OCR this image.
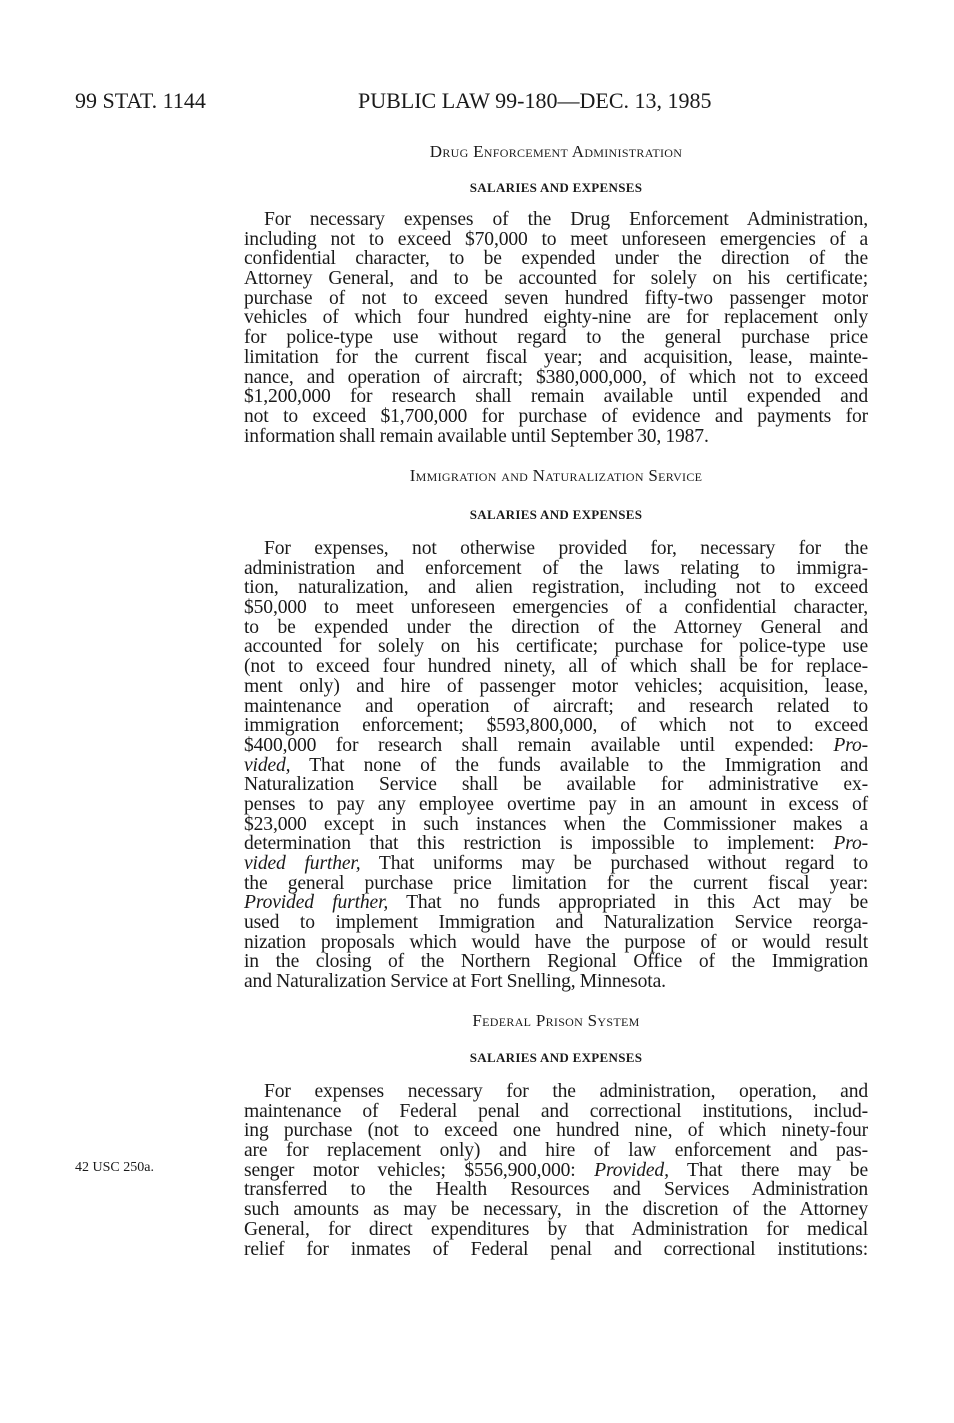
99 STAT. 1144	PUBLIC LAW 99-180—DEC. 13, 1985
Drug Enforcement Administration
SALARIES AND EXPENSES
For necessary expenses of the Drug Enforcement Administration,
including not to exceed $70,000 to meet unforeseen emergencies of a
confidential character, to be expended under the direction of the
Attorney General, and to be accounted for solely on his certificate;
purchase of not to exceed seven hundred fifty-two passenger motor
vehicles of which four hundred eighty-nine are for replacement only
for police-type use without regard to the general purchase price
limitation for the current fiscal year; and acquisition, lease, mainte-
nance, and operation of aircraft; $380,000,000, of which not to exceed
$1,200,000 for research shall remain available until expended and
not to exceed $1,700,000 for purchase of evidence and payments for
information shall remain available until September 30, 1987.
Immigration and Naturalization Service
SALARIES AND EXPENSES
For expenses, not otherwise provided for, necessary for the
administration and enforcement of the laws relating to immigra-
tion, naturalization, and alien registration, including not to exceed
$50,000 to meet unforeseen emergencies of a confidential character,
to be expended under the direction of the Attorney General and
accounted for solely on his certificate; purchase for police-type use
(not to exceed four hundred ninety, all of which shall be for replace-
ment only) and hire of passenger motor vehicles; acquisition, lease,
maintenance and operation of aircraft; and research related to
immigration enforcement; $593,800,000, of which not to exceed
$400,000 for research shall remain available until expended: Pro-
vided, That none of the funds available to the Immigration and
Naturalization Service shall be available for administrative ex-
penses to pay any employee overtime pay in an amount in excess of
$23,000 except in such instances when the Commissioner makes a
determination that this restriction is impossible to implement: Pro-
vided further, That uniforms may be purchased without regard to
the general purchase price limitation for the current fiscal year:
Provided further, That no funds appropriated in this Act may be
used to implement Immigration and Naturalization Service reorga-
nization proposals which would have the purpose of or would result
in the closing of the Northern Regional Office of the Immigration
and Naturalization Service at Fort Snelling, Minnesota.
Federal Prison System
SALARIES AND EXPENSES
For expenses necessary for the administration, operation, and
maintenance of Federal penal and correctional institutions, includ-
ing purchase (not to exceed one hundred nine, of which ninety-four
are for replacement only) and hire of law enforcement and pas-
senger motor vehicles; $556,900,000: Provided, That there may be
transferred to the Health Resources and Services Administration
such amounts as may be necessary, in the discretion of the Attorney
General, for direct expenditures by that Administration for medical
relief for inmates of Federal penal and correctional institutions:
42 USC 250a.
